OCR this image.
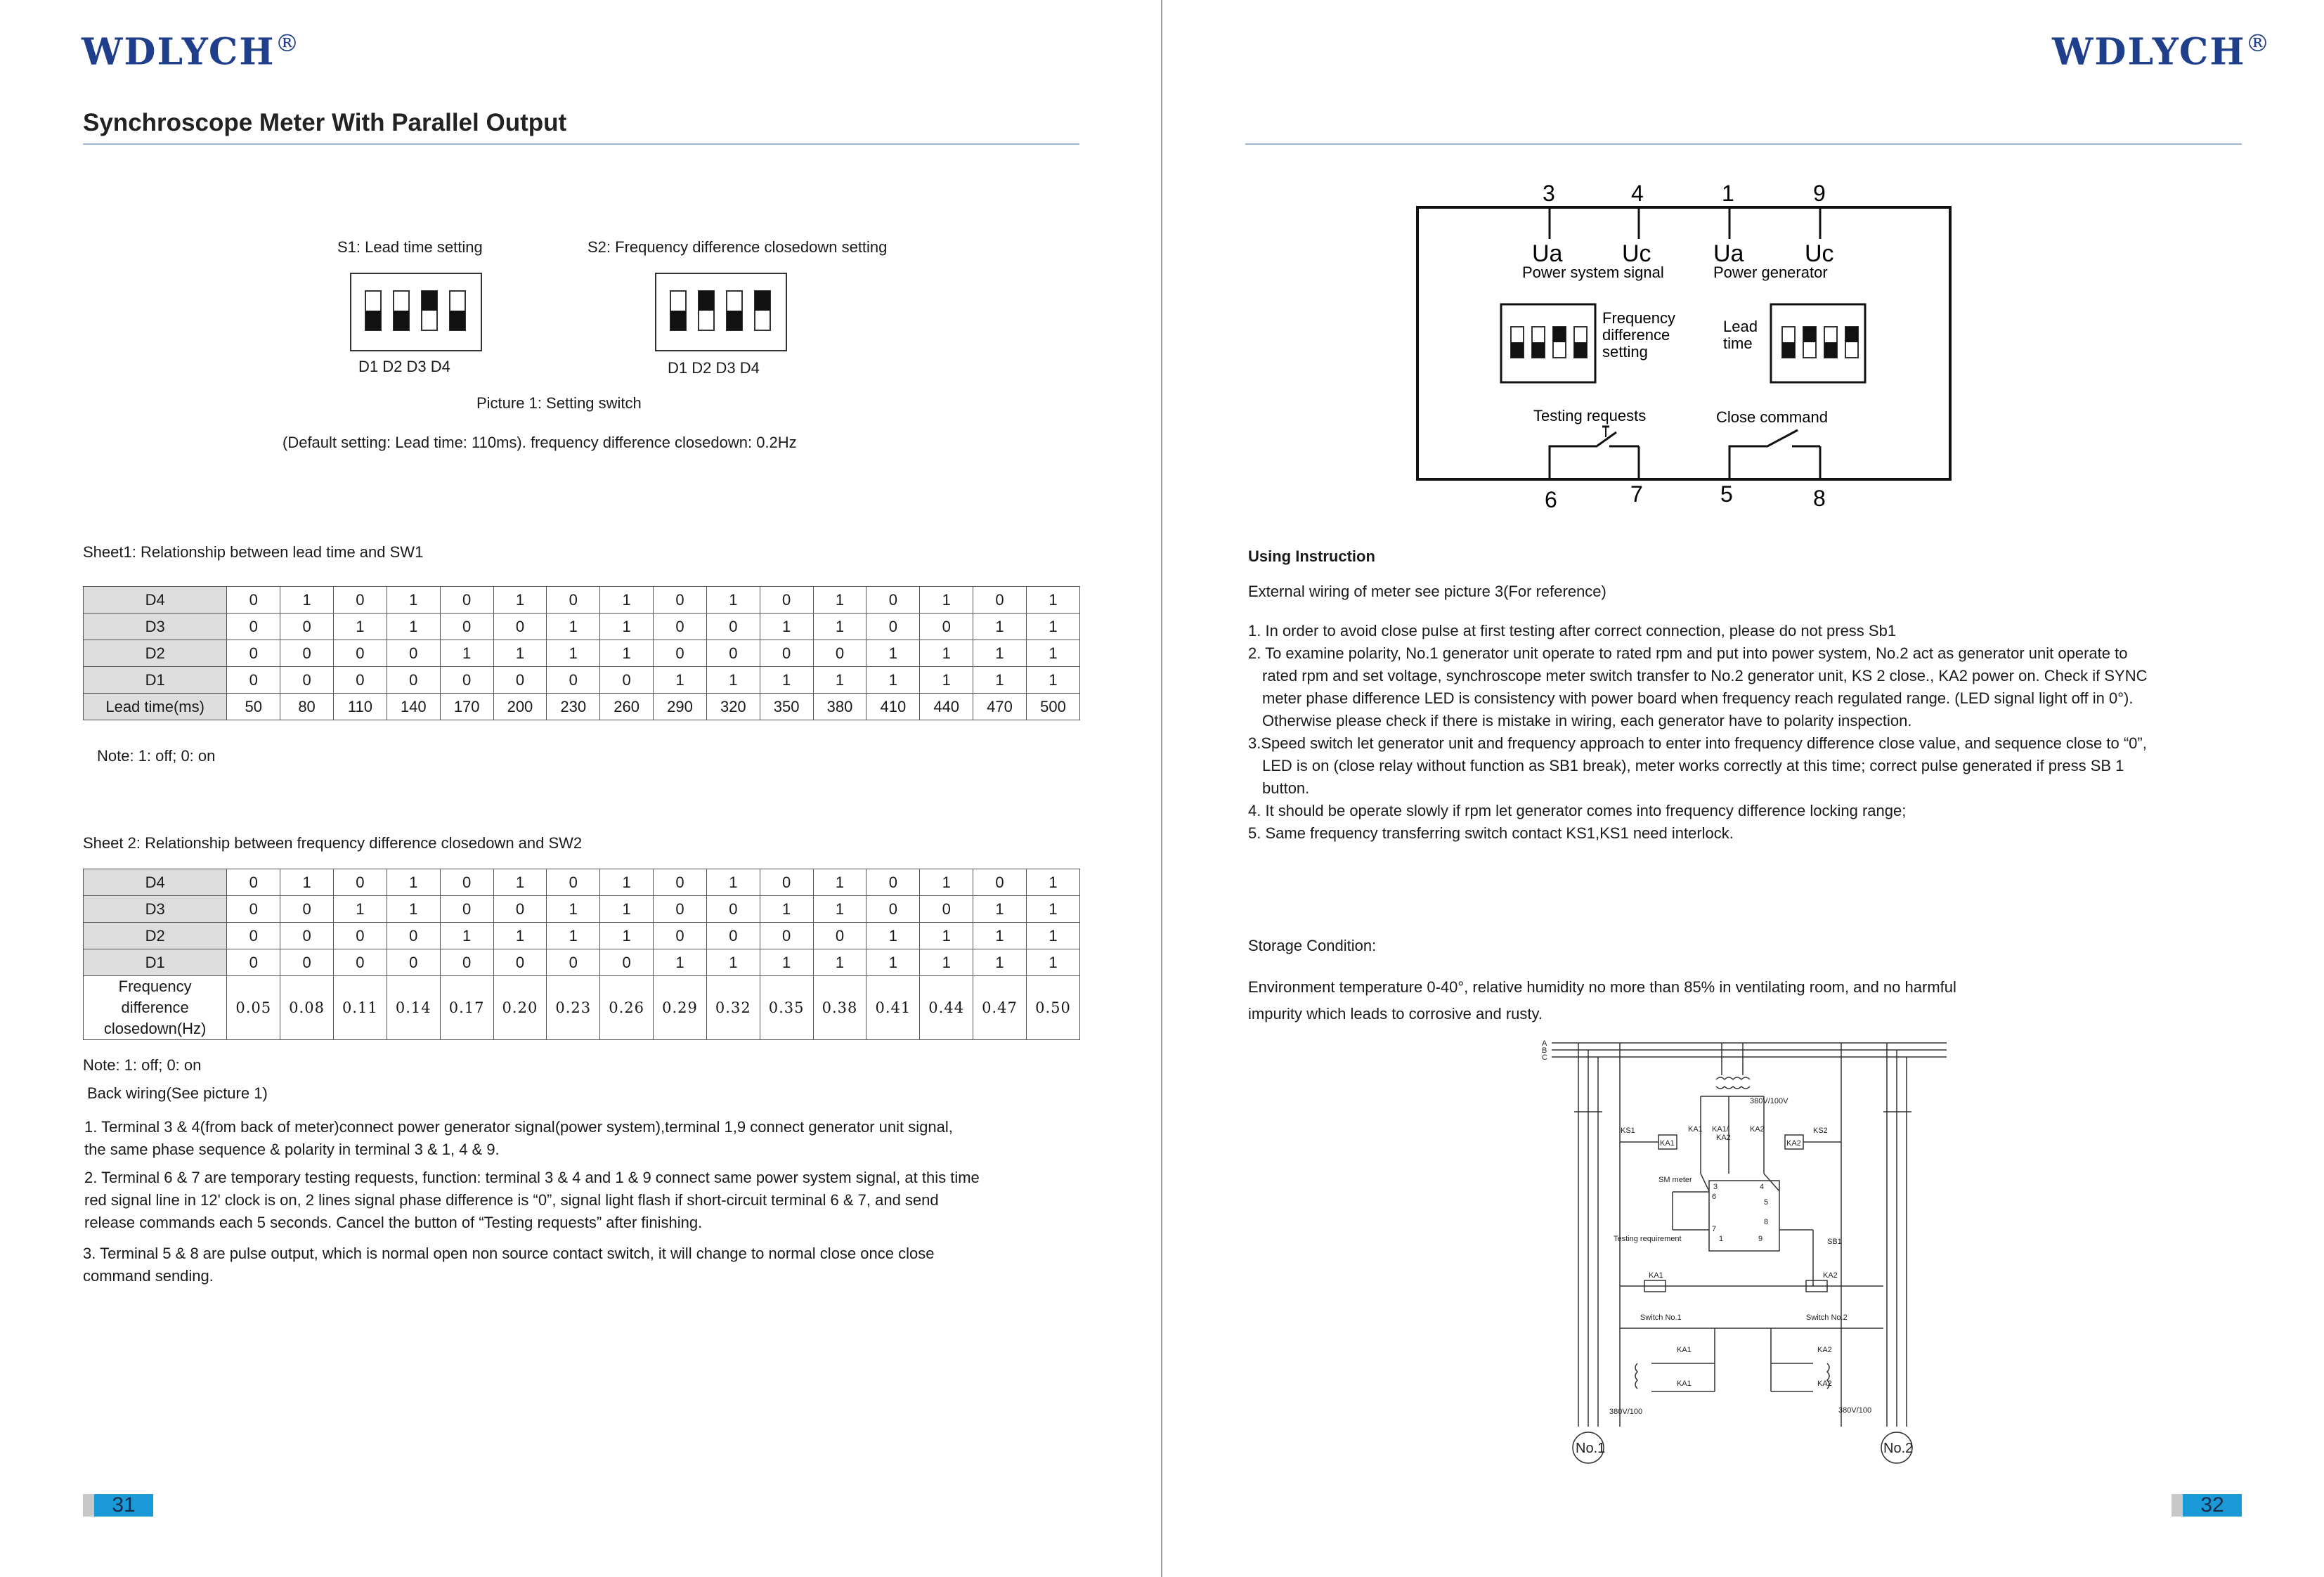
WDLYCH®
Synchroscope Meter With Parallel Output
S1: Lead time setting	S2: Frequency difference closedown setting
D1 D2 D3 D4	D1 D2 D3 D4
Picture 1: Setting switch
(Default setting: Lead time: 110ms). frequency difference closedown: 0.2Hz
Sheet1: Relationship between lead time and SW1
D4	0	1	0	1	0	1	0	1	0	1	0	1	0	1	0	1
D3	0	0	1	1	0	0	1	1	0	0	1	1	0	0	1	1
D2	0	0	0	0	1	1	1	1	0	0	0	0	1	1	1	1
D1	0	0	0	0	0	0	0	0	1	1	1	1	1	1	1	1
Lead time(ms)	50	80	110	140	170	200	230	260	290	320	350	380	410	440	470	500
Note: 1: off; 0: on
Sheet 2: Relationship between frequency difference closedown and SW2
D4	0	1	0	1	0	1	0	1	0	1	0	1	0	1	0	1
D3	0	0	1	1	0	0	1	1	0	0	1	1	0	0	1	1
D2	0	0	0	0	1	1	1	1	0	0	0	0	1	1	1	1
D1	0	0	0	0	0	0	0	0	1	1	1	1	1	1	1	1

Frequency
difference
closedown(Hz)	0.05	0.08	0.11	0.14	0.17	0.20	0.23	0.26	0.29	0.32	0.35	0.38	0.41	0.44	0.47	0.50
Note: 1: off; 0: on
Back wiring(See picture 1)
1. Terminal 3 & 4(from back of meter)connect power generator signal(power system),terminal 1,9 connect generator unit signal,
the same phase sequence & polarity in terminal 3 & 1, 4 & 9.
2. Terminal 6 & 7 are temporary testing requests, function: terminal 3 & 4 and 1 & 9 connect same power system signal, at this time
red signal line in 12' clock is on, 2 lines signal phase difference is “0”, signal light flash if short-circuit terminal 6 & 7, and send
release commands each 5 seconds. Cancel the button of “Testing requests” after finishing.
3. Terminal 5 & 8 are pulse output, which is normal open non source contact switch, it will change to normal close once close
command sending.
31
WDLYCH®
3	4	1	9
Ua Uc	Ua	Uc
Power system signal	Power generator
Frequency
difference
setting
Lead
time
Testing requests	Close command
6	7	5	8
Using Instruction
External wiring of meter see picture 3(For reference)
1. In order to avoid close pulse at first testing after correct connection, please do not press Sb1
2. To examine polarity, No.1 generator unit operate to rated rpm and put into power system, No.2 act as generator unit operate to
rated rpm and set voltage, synchroscope meter switch transfer to No.2 generator unit, KS 2 close., KA2 power on. Check if SYNC
meter phase difference LED is consistency with power board when frequency reach regulated range. (LED signal light off in 0°).
Otherwise please check if there is mistake in wiring, each generator have to polarity inspection.
3.Speed switch let generator unit and frequency approach to enter into frequency difference close value, and sequence close to “0”,
LED is on (close relay without function as SB1 break), meter works correctly at this time; correct pulse generated if press SB 1
button.
4. It should be operate slowly if rpm let generator comes into frequency difference locking range;
5. Same frequency transferring switch contact KS1,KS1 need interlock.
Storage Condition:
Environment temperature 0-40°, relative humidity no more than 85% in ventilating room, and no harmful
impurity which leads to corrosive and rusty.
A
B
C
380V/100V
KS1
KA1
KA1 KA1/
KA2
KA2
KA2
KS2
SM meter
3	4
6
5
8
7
1	9
Testing requirement	SB1
KA1	KA2
Switch No.1	Switch No.2
KA1
KA1
KA2
KA2
380V/100	380V/100
No.1	No.2
32
